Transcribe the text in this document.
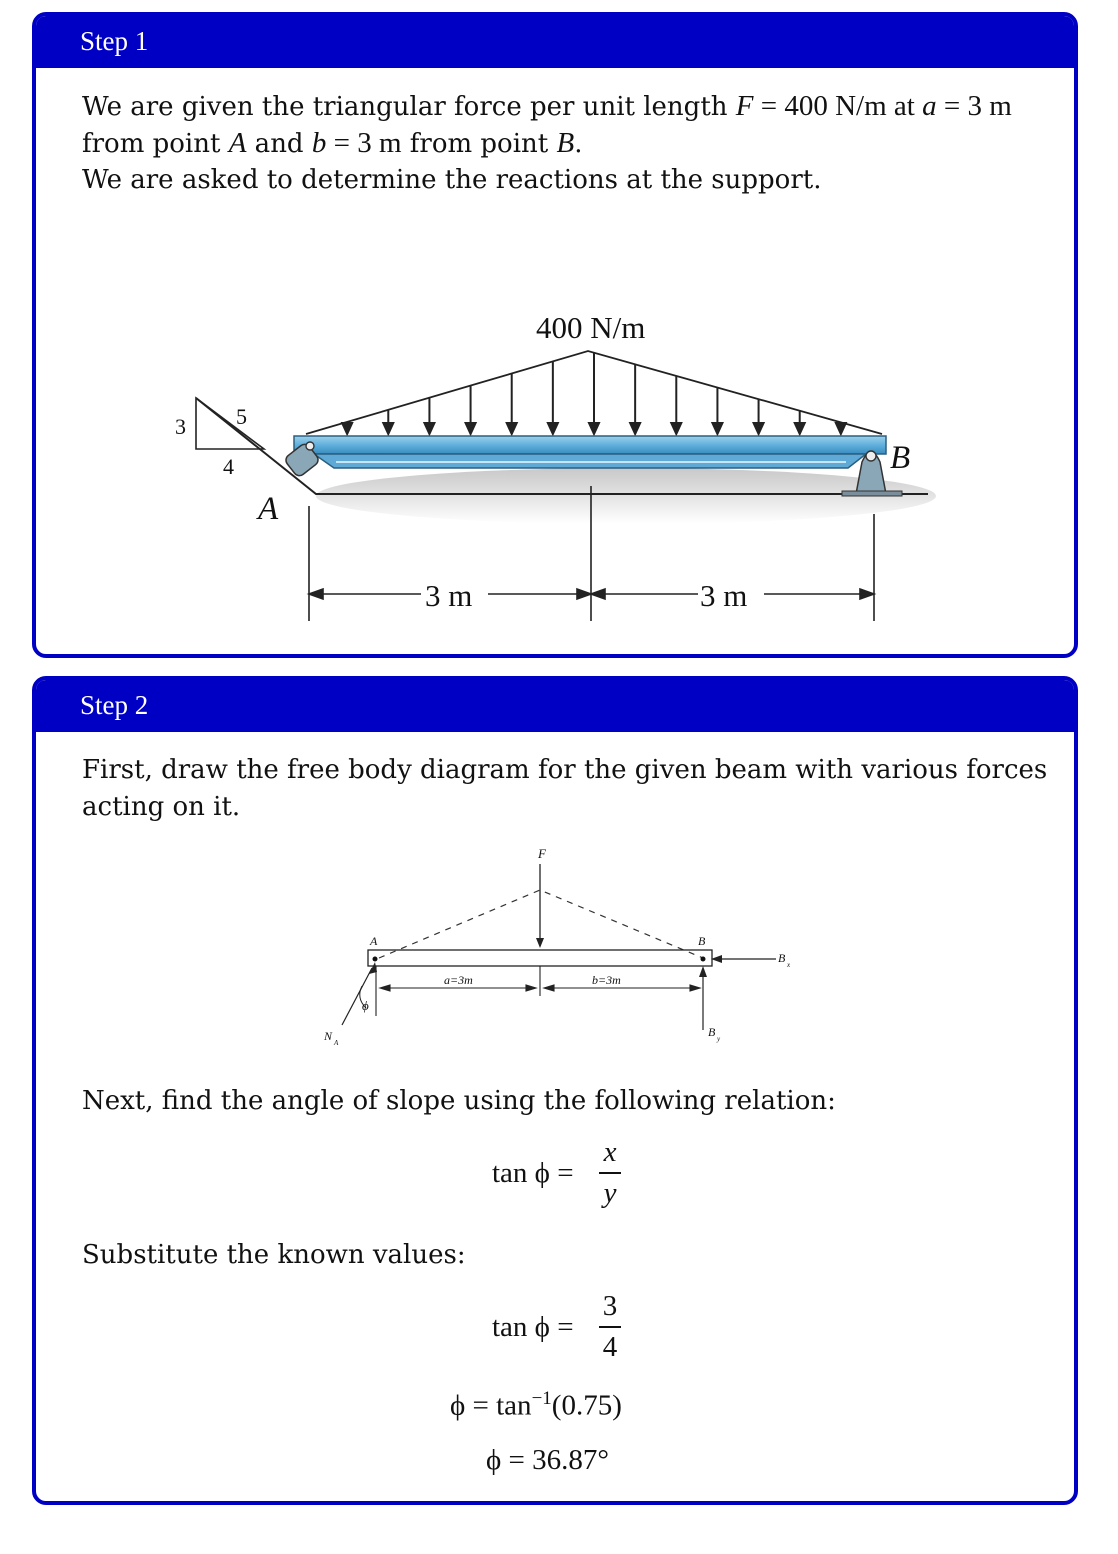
Step 1

We are given the triangular force per unit length F = 400 N/m at a = 3 m

from point A and b = 3 m from point B.

We are asked to determine the reactions at the support.

3
4
5
400 N/m
A
B
3 m	3 m
Step 2

First, draw the free body diagram for the given beam with various forces

acting on it.

F
A	B
a=3m	b=3m
ϕ
N A
B x
B y

Next, find the angle of slope using the following relation:

tan ϕ =
x
y

Substitute the known values:

tan ϕ =
3
4
$\phi = \tan^{-1}(0.75)$
ϕ = 36.87°
